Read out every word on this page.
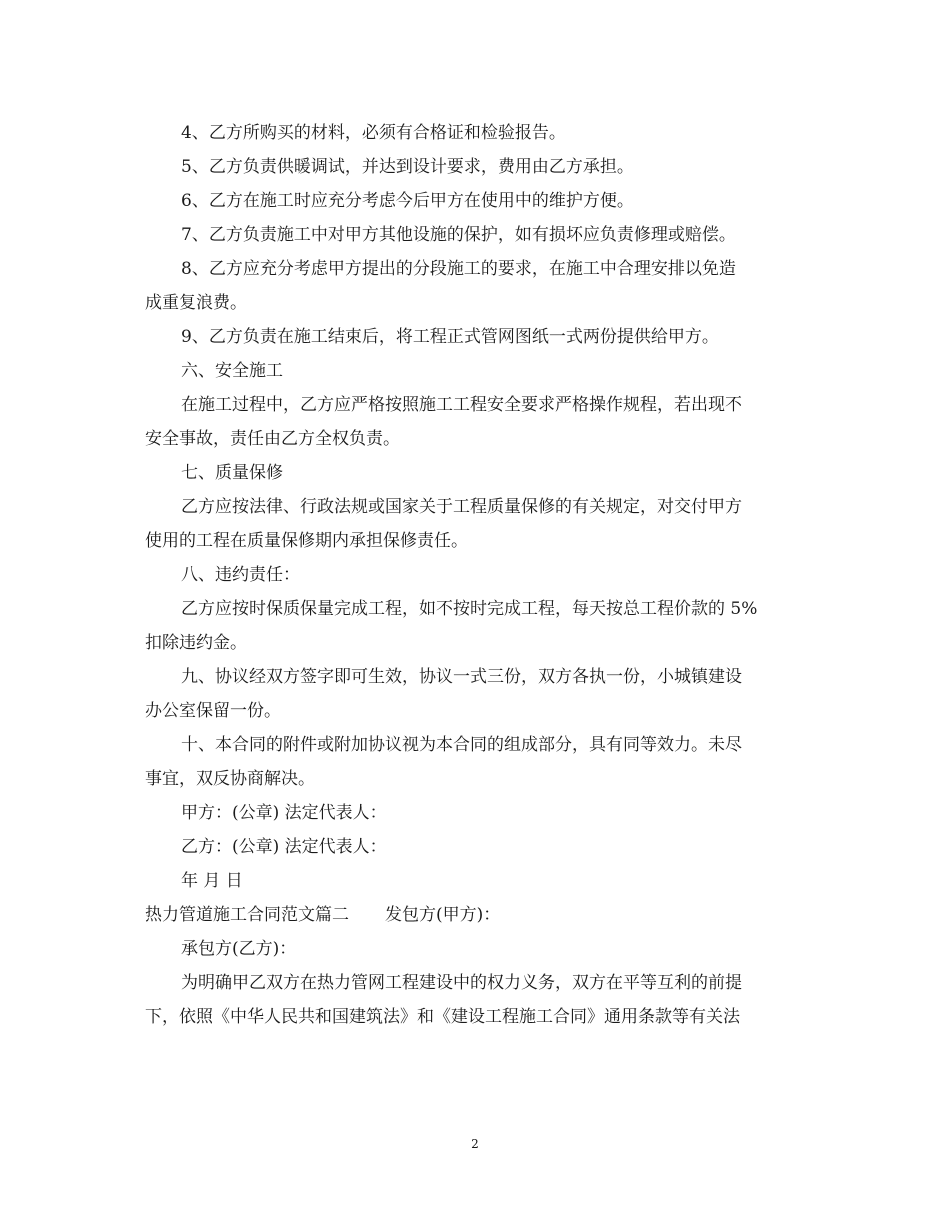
4、乙方所购买的材料，必须有合格证和检验报告。
5、乙方负责供暖调试，并达到设计要求，费用由乙方承担。
6、乙方在施工时应充分考虑今后甲方在使用中的维护方便。
7、乙方负责施工中对甲方其他设施的保护，如有损坏应负责修理或赔偿。
8、乙方应充分考虑甲方提出的分段施工的要求，在施工中合理安排以免造
成重复浪费。
9、乙方负责在施工结束后，将工程正式管网图纸一式两份提供给甲方。
六、安全施工
在施工过程中，乙方应严格按照施工工程安全要求严格操作规程，若出现不
安全事故，责任由乙方全权负责。
七、质量保修
乙方应按法律、行政法规或国家关于工程质量保修的有关规定，对交付甲方
使用的工程在质量保修期内承担保修责任。
八、违约责任：
乙方应按时保质保量完成工程，如不按时完成工程，每天按总工程价款的 5%
扣除违约金。
九、协议经双方签字即可生效，协议一式三份，双方各执一份，小城镇建设
办公室保留一份。
十、本合同的附件或附加协议视为本合同的组成部分，具有同等效力。未尽
事宜，双反协商解决。
甲方：(公章) 法定代表人：
乙方：(公章) 法定代表人：
年 月 日
热力管道施工合同范文篇二 发包方(甲方)：
承包方(乙方)：
为明确甲乙双方在热力管网工程建设中的权力义务，双方在平等互利的前提
下，依照《中华人民共和国建筑法》和《建设工程施工合同》通用条款等有关法
2
